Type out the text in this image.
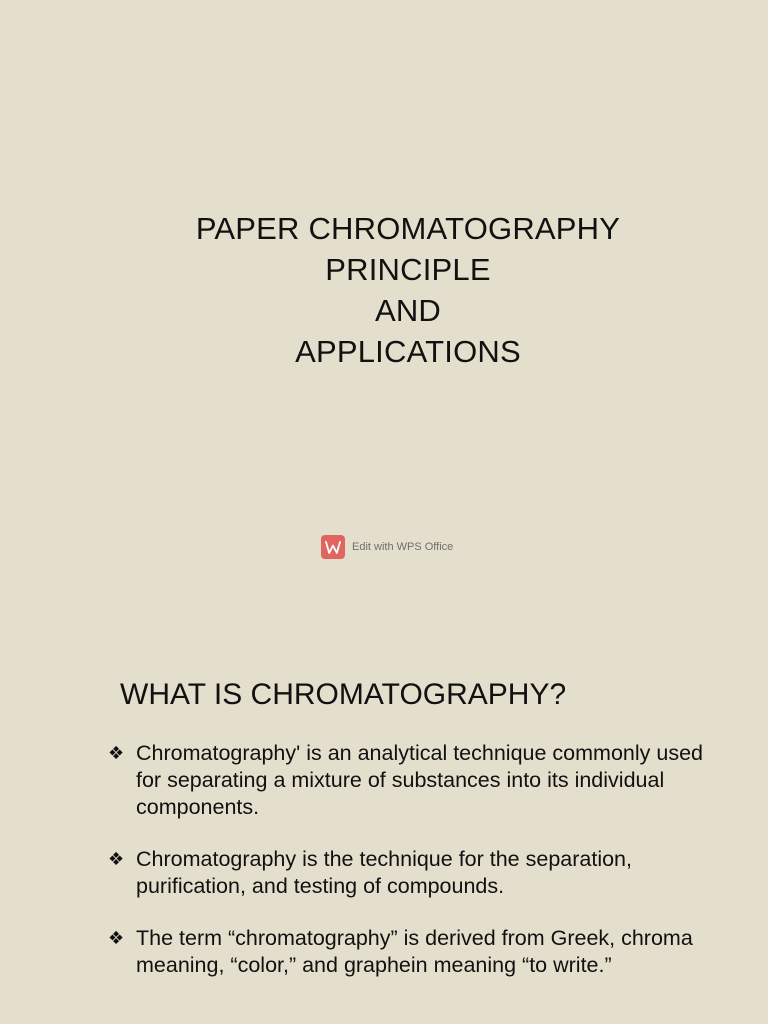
PAPER CHROMATOGRAPHY
PRINCIPLE
AND
APPLICATIONS
Edit with WPS Office
WHAT IS CHROMATOGRAPHY?
❖ Chromatography' is an analytical technique commonly used for separating a mixture of substances into its individual components.
❖ Chromatography is the technique for the separation, purification, and testing of compounds.
❖ The term “chromatography” is derived from Greek, chroma meaning, “color,” and graphein meaning “to write.”
